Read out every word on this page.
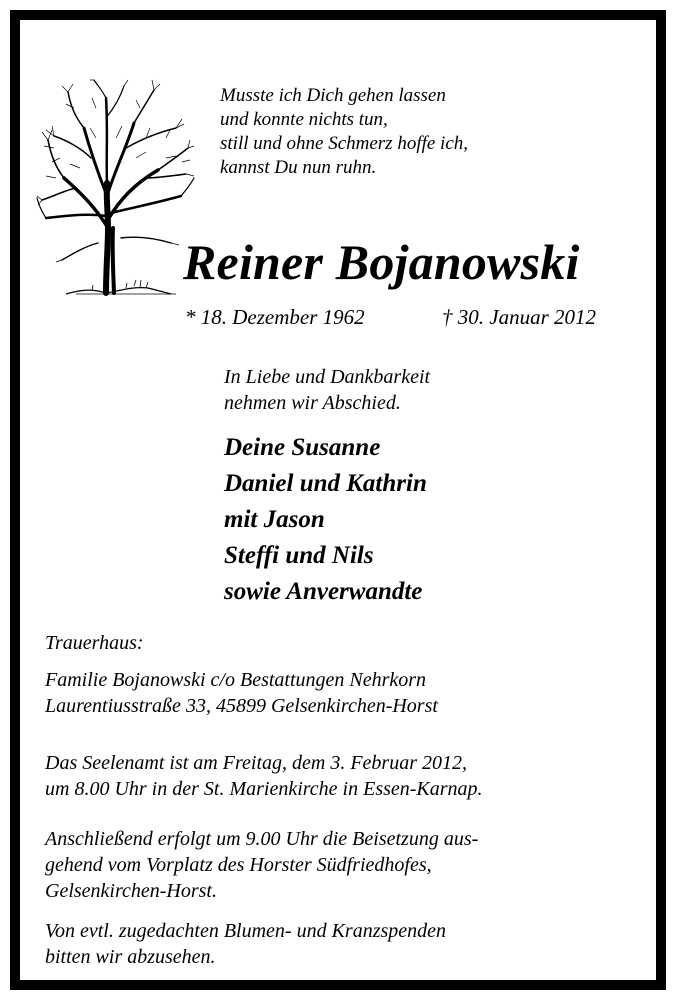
Musste ich Dich gehen lassen
und konnte nichts tun,
still und ohne Schmerz hoffe ich,
kannst Du nun ruhn.
Reiner Bojanowski
* 18. Dezember 1962	† 30. Januar 2012
In Liebe und Dankbarkeit
nehmen wir Abschied.
Deine Susanne
Daniel und Kathrin
mit Jason
Steffi und Nils
sowie Anverwandte
Trauerhaus:
Familie Bojanowski c/o Bestattungen Nehrkorn
Laurentiusstraße 33, 45899 Gelsenkirchen-Horst
Das Seelenamt ist am Freitag, dem 3. Februar 2012,
um 8.00 Uhr in der St. Marienkirche in Essen-Karnap.
Anschließend erfolgt um 9.00 Uhr die Beisetzung aus-
gehend vom Vorplatz des Horster Südfriedhofes,
Gelsenkirchen-Horst.
Von evtl. zugedachten Blumen- und Kranzspenden
bitten wir abzusehen.
